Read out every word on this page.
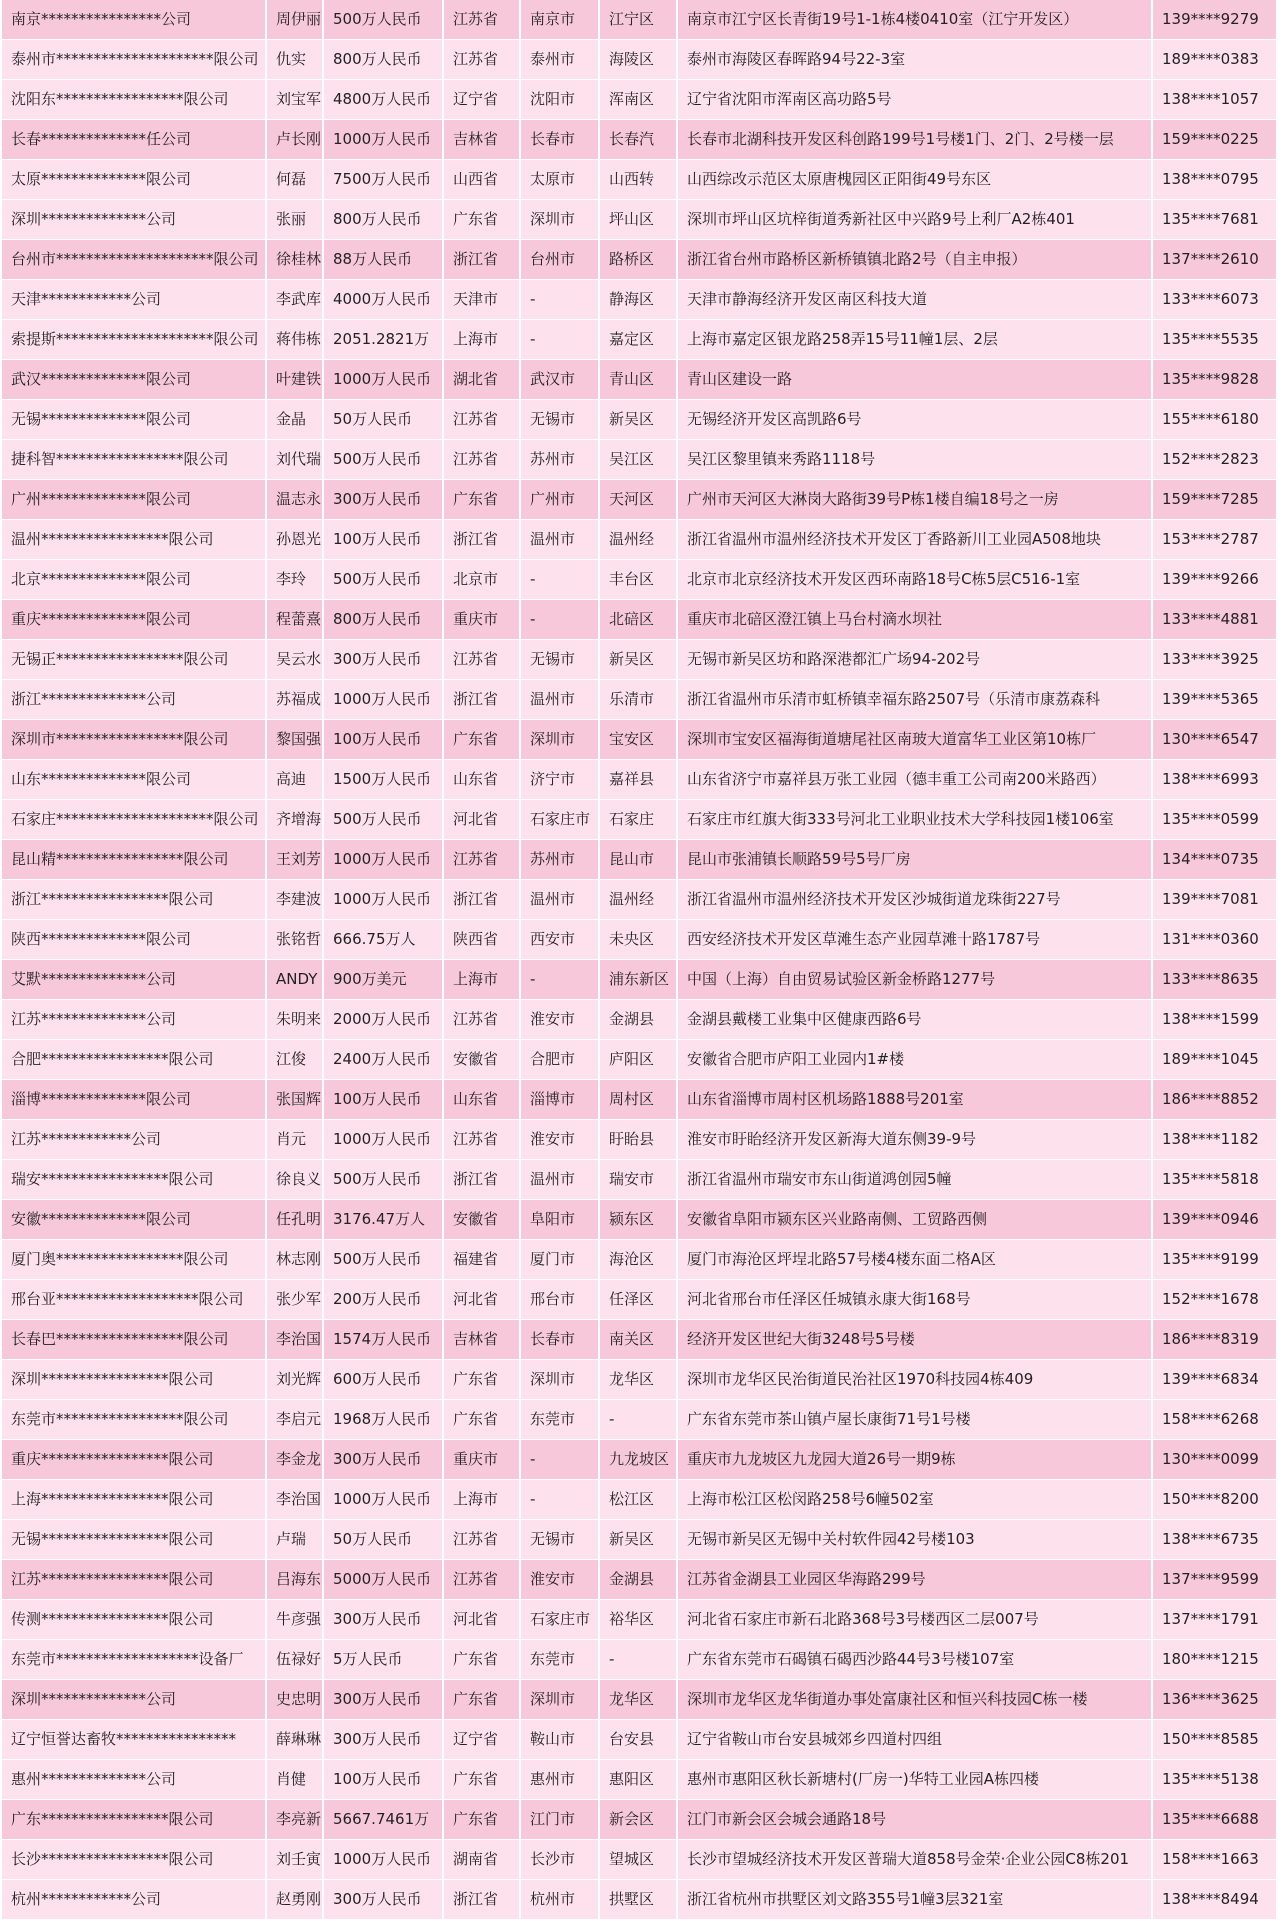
南京****************公司	周伊丽	500万人民币	江苏省	南京市	江宁区	南京市江宁区长青街19号1-1栋4楼0410室（江宁开发区）	139****9279
泰州市*********************限公司	仇实	800万人民币	江苏省	泰州市	海陵区	泰州市海陵区春晖路94号22-3室	189****0383
沈阳东*****************限公司	刘宝军	4800万人民币	辽宁省	沈阳市	浑南区	辽宁省沈阳市浑南区高功路5号	138****1057
长春**************任公司	卢长刚	1000万人民币	吉林省	长春市	长春汽	长春市北湖科技开发区科创路199号1号楼1门、2门、2号楼一层	159****0225
太原**************限公司	何磊	7500万人民币	山西省	太原市	山西转	山西综改示范区太原唐槐园区正阳街49号东区	138****0795
深圳**************公司	张丽	800万人民币	广东省	深圳市	坪山区	深圳市坪山区坑梓街道秀新社区中兴路9号上利厂A2栋401	135****7681
台州市*********************限公司	徐桂林	88万人民币	浙江省	台州市	路桥区	浙江省台州市路桥区新桥镇镇北路2号（自主申报）	137****2610
天津************公司	李武库	4000万人民币	天津市	-	静海区	天津市静海经济开发区南区科技大道	133****6073
索提斯*********************限公司	蒋伟栋	2051.2821万	上海市	-	嘉定区	上海市嘉定区银龙路258弄15号11幢1层、2层	135****5535
武汉**************限公司	叶建铁	1000万人民币	湖北省	武汉市	青山区	青山区建设一路	135****9828
无锡**************限公司	金晶	50万人民币	江苏省	无锡市	新吴区	无锡经济开发区高凯路6号	155****6180
捷科智*****************限公司	刘代瑞	500万人民币	江苏省	苏州市	吴江区	吴江区黎里镇来秀路1118号	152****2823
广州**************限公司	温志永	300万人民币	广东省	广州市	天河区	广州市天河区大淋岗大路街39号P栋1楼自编18号之一房	159****7285
温州*****************限公司	孙恩光	100万人民币	浙江省	温州市	温州经	浙江省温州市温州经济技术开发区丁香路新川工业园A508地块	153****2787
北京**************限公司	李玲	500万人民币	北京市	-	丰台区	北京市北京经济技术开发区西环南路18号C栋5层C516-1室	139****9266
重庆**************限公司	程蕾熹	800万人民币	重庆市	-	北碚区	重庆市北碚区澄江镇上马台村滴水坝社	133****4881
无锡正*****************限公司	吴云水	300万人民币	江苏省	无锡市	新吴区	无锡市新吴区坊和路深港都汇广场94-202号	133****3925
浙江**************公司	苏福成	1000万人民币	浙江省	温州市	乐清市	浙江省温州市乐清市虹桥镇幸福东路2507号（乐清市康荔森科	139****5365
深圳市*****************限公司	黎国强	100万人民币	广东省	深圳市	宝安区	深圳市宝安区福海街道塘尾社区南玻大道富华工业区第10栋厂	130****6547
山东**************限公司	高迪	1500万人民币	山东省	济宁市	嘉祥县	山东省济宁市嘉祥县万张工业园（德丰重工公司南200米路西）	138****6993
石家庄*********************限公司	齐增海	500万人民币	河北省	石家庄市	石家庄	石家庄市红旗大街333号河北工业职业技术大学科技园1楼106室	135****0599
昆山精*****************限公司	王刘芳	1000万人民币	江苏省	苏州市	昆山市	昆山市张浦镇长顺路59号5号厂房	134****0735
浙江*****************限公司	李建波	1000万人民币	浙江省	温州市	温州经	浙江省温州市温州经济技术开发区沙城街道龙珠街227号	139****7081
陕西**************限公司	张铭哲	666.75万人	陕西省	西安市	未央区	西安经济技术开发区草滩生态产业园草滩十路1787号	131****0360
艾默**************公司	ANDY	900万美元	上海市	-	浦东新区	中国（上海）自由贸易试验区新金桥路1277号	133****8635
江苏**************公司	朱明来	2000万人民币	江苏省	淮安市	金湖县	金湖县戴楼工业集中区健康西路6号	138****1599
合肥*****************限公司	江俊	2400万人民币	安徽省	合肥市	庐阳区	安徽省合肥市庐阳工业园内1#楼	189****1045
淄博**************限公司	张国辉	100万人民币	山东省	淄博市	周村区	山东省淄博市周村区机场路1888号201室	186****8852
江苏************公司	肖元	1000万人民币	江苏省	淮安市	盱眙县	淮安市盱眙经济开发区新海大道东侧39-9号	138****1182
瑞安*****************限公司	徐良义	500万人民币	浙江省	温州市	瑞安市	浙江省温州市瑞安市东山街道鸿创园5幢	135****5818
安徽**************限公司	任孔明	3176.47万人	安徽省	阜阳市	颍东区	安徽省阜阳市颍东区兴业路南侧、工贸路西侧	139****0946
厦门奥*****************限公司	林志刚	500万人民币	福建省	厦门市	海沧区	厦门市海沧区坪埕北路57号楼4楼东面二格A区	135****9199
邢台亚*******************限公司	张少军	200万人民币	河北省	邢台市	任泽区	河北省邢台市任泽区任城镇永康大街168号	152****1678
长春巴*****************限公司	李治国	1574万人民币	吉林省	长春市	南关区	经济开发区世纪大街3248号5号楼	186****8319
深圳*****************限公司	刘光辉	600万人民币	广东省	深圳市	龙华区	深圳市龙华区民治街道民治社区1970科技园4栋409	139****6834
东莞市*****************限公司	李启元	1968万人民币	广东省	东莞市	-	广东省东莞市茶山镇卢屋长康街71号1号楼	158****6268
重庆*****************限公司	李金龙	300万人民币	重庆市	-	九龙坡区	重庆市九龙坡区九龙园大道26号一期9栋	130****0099
上海*****************限公司	李治国	1000万人民币	上海市	-	松江区	上海市松江区松闵路258号6幢502室	150****8200
无锡*****************限公司	卢瑞	50万人民币	江苏省	无锡市	新吴区	无锡市新吴区无锡中关村软件园42号楼103	138****6735
江苏*****************限公司	吕海东	5000万人民币	江苏省	淮安市	金湖县	江苏省金湖县工业园区华海路299号	137****9599
传测*****************限公司	牛彦强	300万人民币	河北省	石家庄市	裕华区	河北省石家庄市新石北路368号3号楼西区二层007号	137****1791
东莞市*******************设备厂	伍禄好	5万人民币	广东省	东莞市	-	广东省东莞市石碣镇石碣西沙路44号3号楼107室	180****1215
深圳**************公司	史忠明	300万人民币	广东省	深圳市	龙华区	深圳市龙华区龙华街道办事处富康社区和恒兴科技园C栋一楼	136****3625
辽宁恒誉达畜牧****************	薛琳琳	300万人民币	辽宁省	鞍山市	台安县	辽宁省鞍山市台安县城郊乡四道村四组	150****8585
惠州**************公司	肖健	100万人民币	广东省	惠州市	惠阳区	惠州市惠阳区秋长新塘村(厂房一)华特工业园A栋四楼	135****5138
广东*****************限公司	李亮新	5667.7461万	广东省	江门市	新会区	江门市新会区会城会通路18号	135****6688
长沙*****************限公司	刘壬寅	1000万人民币	湖南省	长沙市	望城区	长沙市望城经济技术开发区普瑞大道858号金荣·企业公园C8栋201	158****1663
杭州************公司	赵勇刚	300万人民币	浙江省	杭州市	拱墅区	浙江省杭州市拱墅区刘文路355号1幢3层321室	138****8494
